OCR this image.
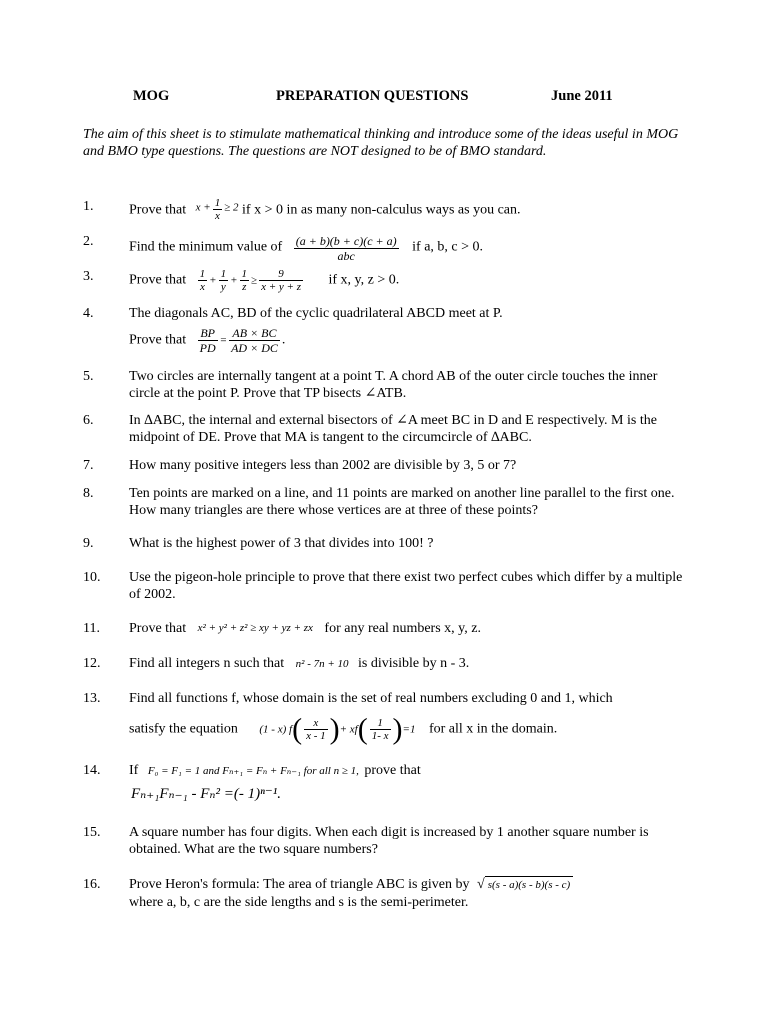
MOG	PREPARATION QUESTIONS	June 2011
The aim of this sheet is to stimulate mathematical thinking and introduce some of the ideas useful in MOG and BMO type questions. The questions are NOT designed to be of BMO standard.
1.	Prove that $x + \frac{1}{x} \ge 2$ if x > 0 in as many non-calculus ways as you can.
2.	Find the minimum value of (a + b)(b + c)(c + a)
abc
if a, b, c > 0.
3.	Prove that $\frac{1}{x} + \frac{1}{y} + \frac{1}{z} \ge \frac{9}{x + y + z}$ if x, y, z > 0.
4.	The diagonals AC, BD of the cyclic quadrilateral ABCD meet at P.
Prove that $\frac{BP}{PD} = \frac{AB \times BC}{AD \times DC}$ .
5.	Two circles are internally tangent at a point T. A chord AB of the outer circle touches the inner circle at the point P. Prove that TP bisects ∠ATB.
6.	In ∆ABC, the internal and external bisectors of ∠A meet BC in D and E respectively. M is the midpoint of DE. Prove that MA is tangent to the circumcircle of ∆ABC.
7.	How many positive integers less than 2002 are divisible by 3, 5 or 7?
8.	Ten points are marked on a line, and 11 points are marked on another line parallel to the first one. How many triangles are there whose vertices are at three of these points?
9.	What is the highest power of 3 that divides into 100! ?
10. Use the pigeon-hole principle to prove that there exist two perfect cubes which differ by a multiple of 2002.
11. Prove that x² + y² + z² ≥ xy + yz + zx for any real numbers x, y, z.
12. Find all integers n such that n² - 7n + 10 is divisible by n - 3.
13. Find all functions f, whose domain is the set of real numbers excluding 0 and 1, which
satisfy the equation (1 - x) $f( \frac{x}{x - 1}$ )+ $xf( \frac{1}{1- x} )=1$ for all x in the domain.
14. If F₀ = F₁ = 1 and Fₙ₊₁ = Fₙ + Fₙ₋₁ for all n ≥ 1, prove that
Fₙ₊₁Fₙ₋₁ - Fₙ² =(- 1)ⁿ⁻¹.
15. A square number has four digits. When each digit is increased by 1 another square number is obtained. What are the two square numbers?
16. Prove Heron's formula: The area of triangle ABC is given by √ s(s - a)(s - b)(s - c)
where a, b, c are the side lengths and s is the semi-perimeter.
